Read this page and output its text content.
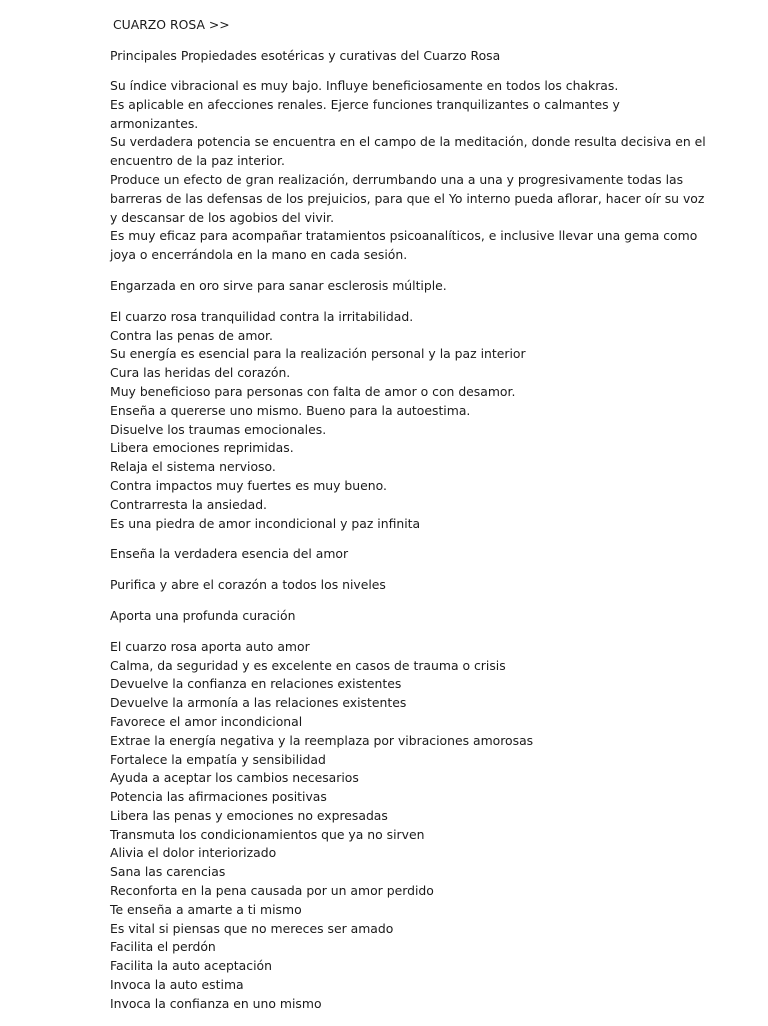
CUARZO ROSA >>
Principales Propiedades esotéricas y curativas del Cuarzo Rosa
Su índice vibracional es muy bajo. Influye beneficiosamente en todos los chakras.
Es aplicable en afecciones renales. Ejerce funciones tranquilizantes o calmantes y
armonizantes.
Su verdadera potencia se encuentra en el campo de la meditación, donde resulta decisiva en el
encuentro de la paz interior.
Produce un efecto de gran realización, derrumbando una a una y progresivamente todas las
barreras de las defensas de los prejuicios, para que el Yo interno pueda aflorar, hacer oír su voz
y descansar de los agobios del vivir.
Es muy eficaz para acompañar tratamientos psicoanalíticos, e inclusive llevar una gema como
joya o encerrándola en la mano en cada sesión.
Engarzada en oro sirve para sanar esclerosis múltiple.
El cuarzo rosa tranquilidad contra la irritabilidad.
Contra las penas de amor.
Su energía es esencial para la realización personal y la paz interior
Cura las heridas del corazón.
Muy beneficioso para personas con falta de amor o con desamor.
Enseña a quererse uno mismo. Bueno para la autoestima.
Disuelve los traumas emocionales.
Libera emociones reprimidas.
Relaja el sistema nervioso.
Contra impactos muy fuertes es muy bueno.
Contrarresta la ansiedad.
Es una piedra de amor incondicional y paz infinita
Enseña la verdadera esencia del amor
Purifica y abre el corazón a todos los niveles
Aporta una profunda curación
El cuarzo rosa aporta auto amor
Calma, da seguridad y es excelente en casos de trauma o crisis
Devuelve la confianza en relaciones existentes
Devuelve la armonía a las relaciones existentes
Favorece el amor incondicional
Extrae la energía negativa y la reemplaza por vibraciones amorosas
Fortalece la empatía y sensibilidad
Ayuda a aceptar los cambios necesarios
Potencia las afirmaciones positivas
Libera las penas y emociones no expresadas
Transmuta los condicionamientos que ya no sirven
Alivia el dolor interiorizado
Sana las carencias
Reconforta en la pena causada por un amor perdido
Te enseña a amarte a ti mismo
Es vital si piensas que no mereces ser amado
Facilita el perdón
Facilita la auto aceptación
Invoca la auto estima
Invoca la confianza en uno mismo
